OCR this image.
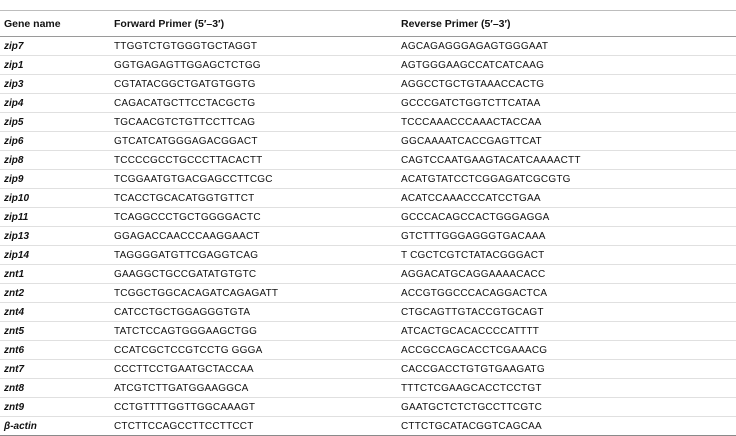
Gene name	Forward Primer (5′–3′)	Reverse Primer (5′–3′)
zip7	TTGGTCTGTGGGTGCTAGGT	AGCAGAGGGAGAGTGGGAAT
zip1	GGTGAGAGTTGGAGCTCTGG	AGTGGGAAGCCATCATCAAG
zip3	CGTATACGGCTGATGTGGTG	AGGCCTGCTGTAAACCACTG
zip4	CAGACATGCTTCCTACGCTG	GCCCGATCTGGTCTTCATAA
zip5	TGCAACGTCTGTTCCTTCAG	TCCCAAACCCAAACTACCAA
zip6	GTCATCATGGGAGACGGACT	GGCAAAATCACCGAGTTCAT
zip8	TCCCCGCCTGCCCTTACACTT	CAGTCCAATGAAGTACATCAAAACTT
zip9	TCGGAATGTGACGAGCCTTCGC	ACATGTATCCTCGGAGATCGCGTG
zip10	TCACCTGCACATGGTGTTCT	ACATCCAAACCCATCCTGAA
zip11	TCAGGCCCTGCTGGGGACTC	GCCCACAGCCACTGGGAGGA
zip13	GGAGACCAACCCAAGGAACT	GTCTTTGGGAGGGTGACAAA
zip14	TAGGGGATGTTCGAGGTCAG	T CGCTCGTCTATACGGGACT
znt1	GAAGGCTGCCGATATGTGTC	AGGACATGCAGGAAAACACC
znt2	TCGGCTGGCACAGATCAGAGATT	ACCGTGGCCCACAGGACTCA
znt4	CATCCTGCTGGAGGGTGTA	CTGCAGTTGTACCGTGCAGT
znt5	TATCTCCAGTGGGAAGCTGG	ATCACTGCACACCCCATTTT
znt6	CCATCGCTCCGTCCTG GGGA	ACCGCCAGCACCTCGAAACG
znt7	CCCTTCCTGAATGCTACCAA	CACCGACCTGTGTGAAGATG
znt8	ATCGTCTTGATGGAAGGCA	TTTCTCGAAGCACCTCCTGT
znt9	CCTGTTTTGGTTGGCAAAGT	GAATGCTCTCTGCCTTCGTC
β-actin	CTCTTCCAGCCTTCCTTCCT	CTTCTGCATACGGTCAGCAA
